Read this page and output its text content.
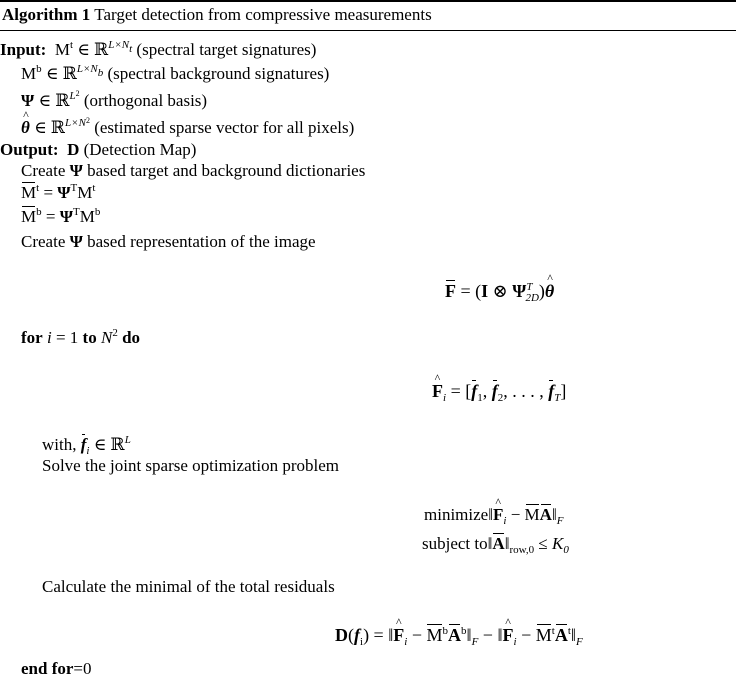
Algorithm 1 Target detection from compressive measurements
Input: $M^t$ ∈ ℝ$^{L\times N_t}$ (spectral target signatures)
$M^b$ ∈ ℝ$^{L\times N_b}$ (spectral background signatures)
Ψ ∈ ℝ$^{L^2}$ (orthogonal basis)
^ θ ∈ ℝ$^{L\times N^2}$ (estimated sparse vector for all pixels)
Output: D (Detection Map)
Create Ψ based target and background dictionaries
$M^t = \Psi^TM^t$
$M^b = \Psi^TM^b$
Create Ψ based representation of the image
F = (I ⊗ $\Psi^T_{2D})\^{}$ θ
for i = 1 to $N^2$ do
^ $F_i = [f_1$, $f_2$, . . . , $f_T$]
with, $f_i$ ∈ ℝ$^L$
Solve the joint sparse optimization problem
minimize‖^ $F_i$ − $MA‖_F$
subject $to‖A‖_{row,0} \le K_0$
Calculate the minimal of the total residuals
$D(f_i)$ = ‖^ $F_i$ − $M^bA^b‖_F$ − ‖^ $F_i$ − $M^tA^t‖_F$
end for=0
